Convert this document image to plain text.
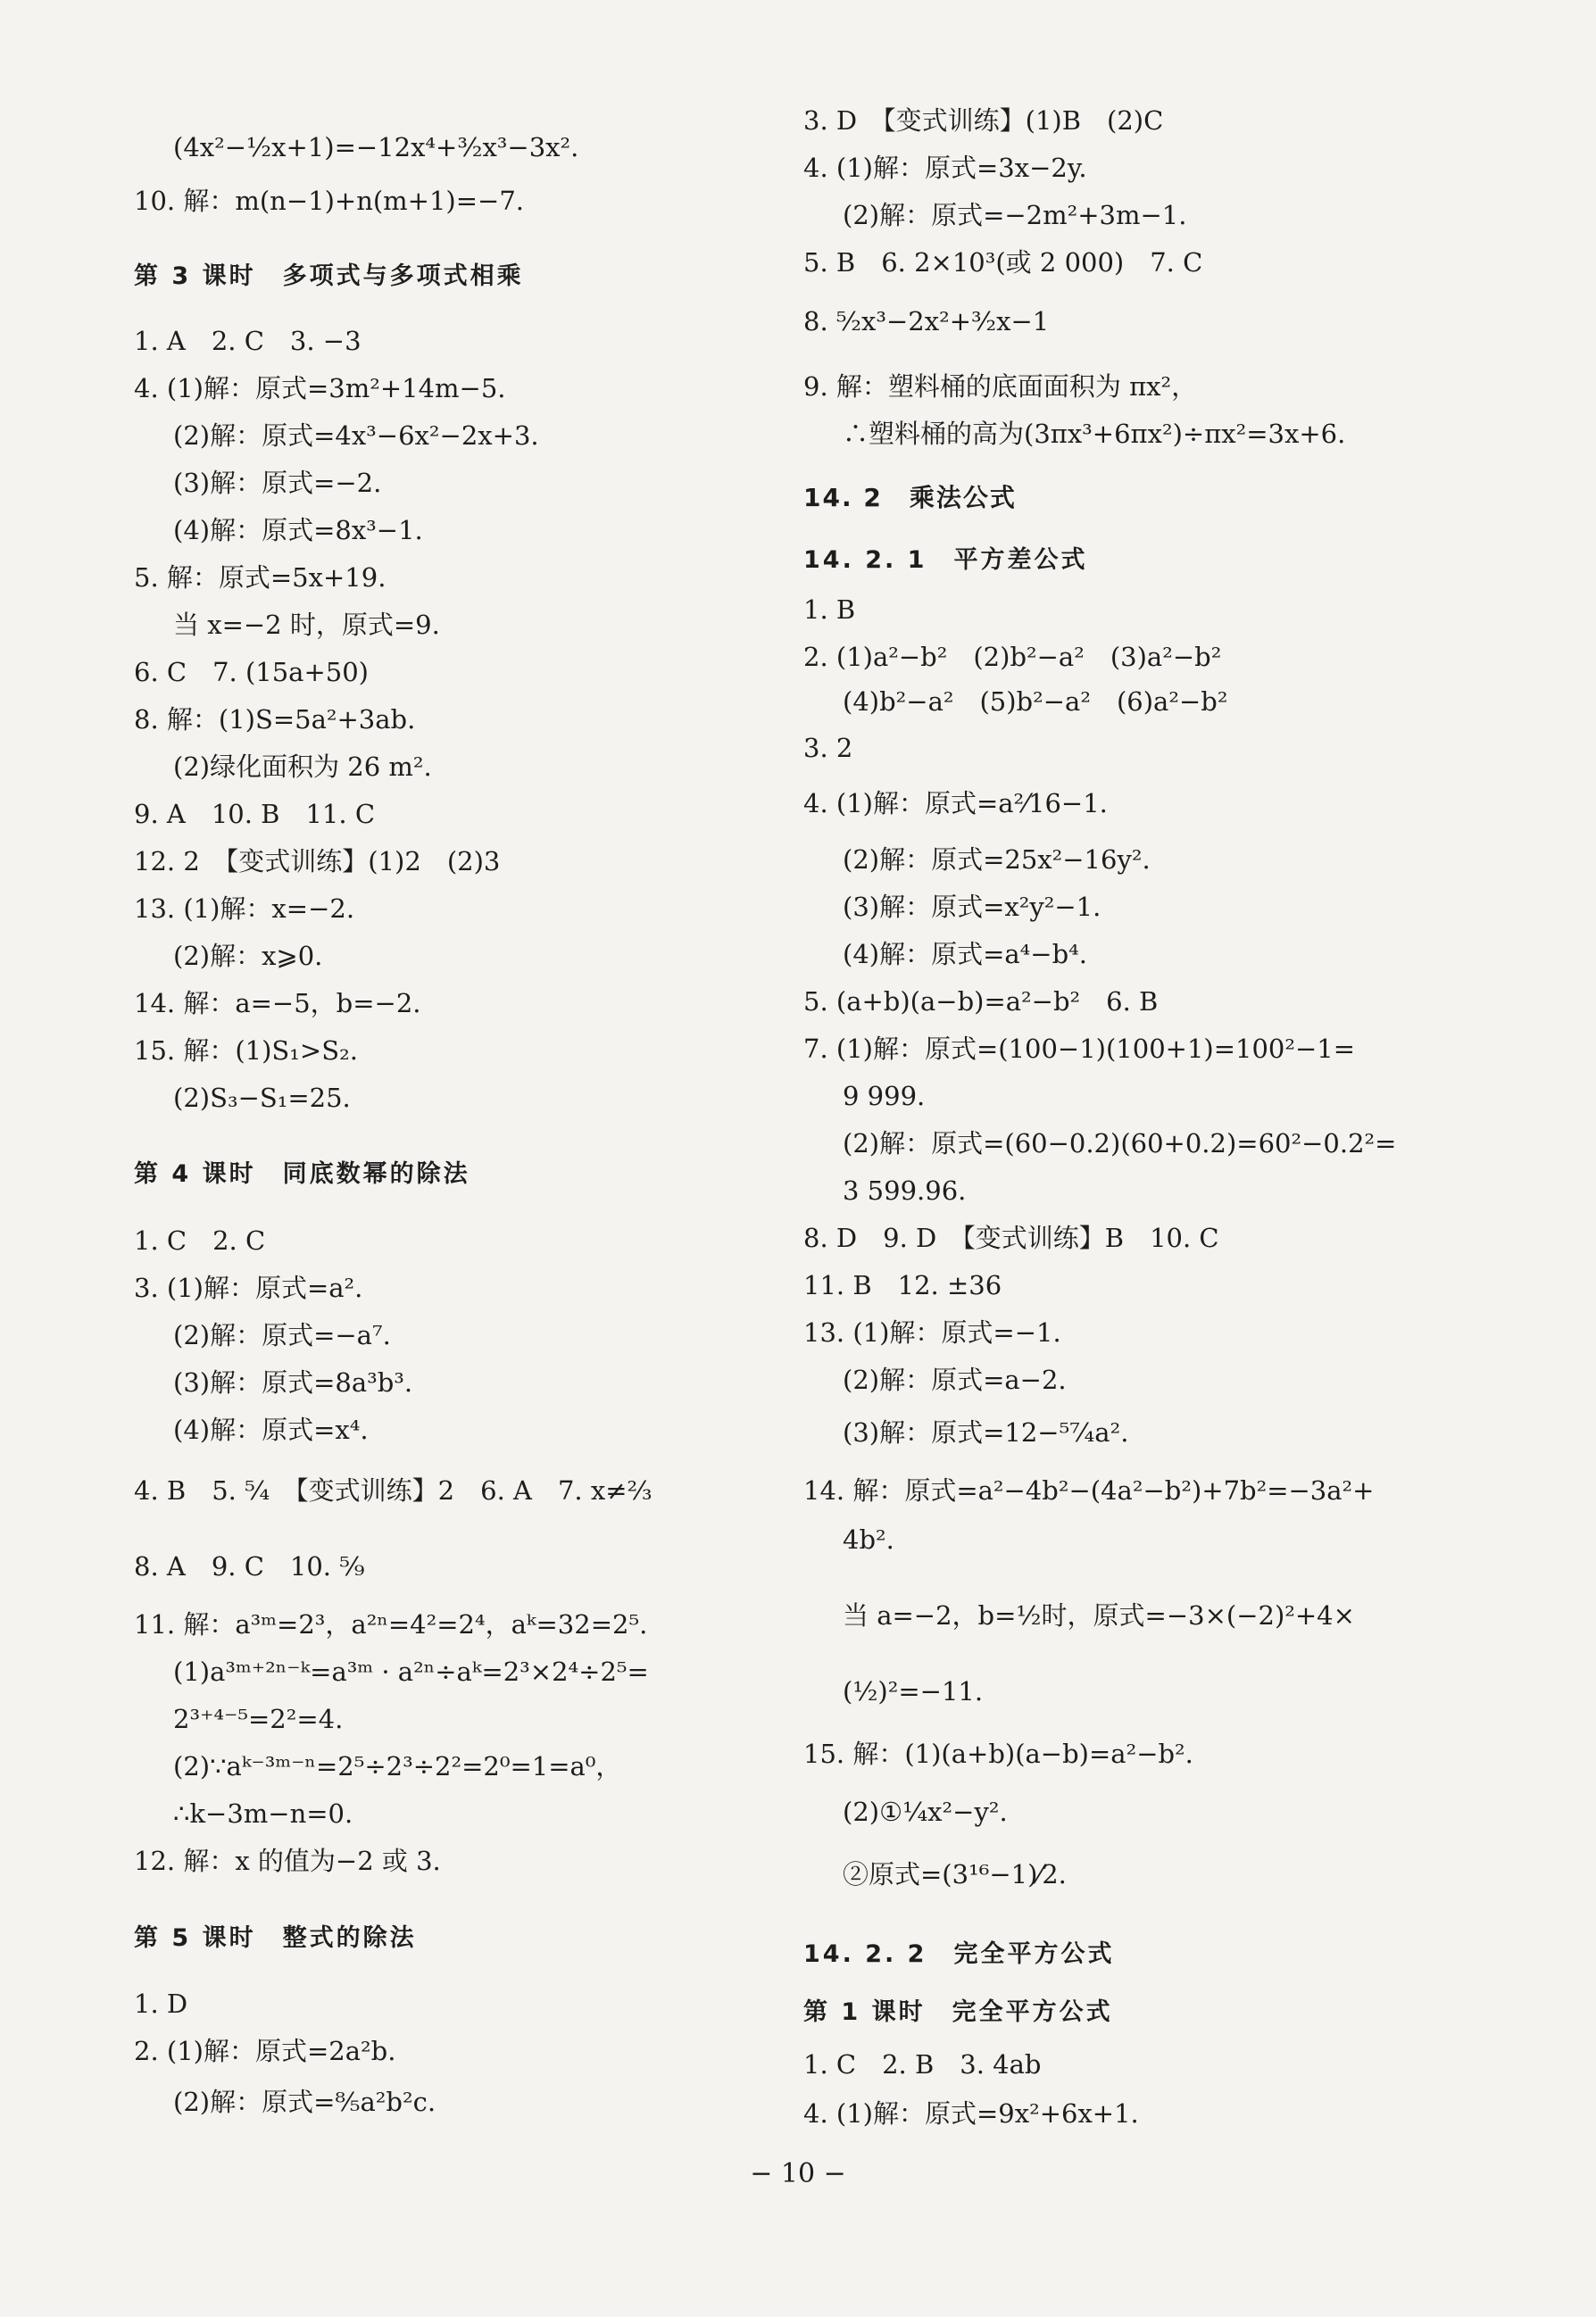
(4x²−½x+1)=−12x⁴+³⁄₂x³−3x².
10. 解：m(n−1)+n(m+1)=−7.
第 3 课时　多项式与多项式相乘
1. A　2. C　3. −3
4. (1)解：原式=3m²+14m−5.
(2)解：原式=4x³−6x²−2x+3.
(3)解：原式=−2.
(4)解：原式=8x³−1.
5. 解：原式=5x+19.
当 x=−2 时，原式=9.
6. C　7. (15a+50)
8. 解：(1)S=5a²+3ab.
(2)绿化面积为 26 m².
9. A　10. B　11. C
12. 2　【变式训练】(1)2　(2)3
13. (1)解：x=−2.
(2)解：x⩾0.
14. 解：a=−5，b=−2.
15. 解：(1)S₁>S₂.
(2)S₃−S₁=25.
第 4 课时　同底数幂的除法
1. C　2. C
3. (1)解：原式=a².
(2)解：原式=−a⁷.
(3)解：原式=8a³b³.
(4)解：原式=x⁴.
4. B　5. ⁵⁄₄　【变式训练】2　6. A　7. x≠²⁄₃
8. A　9. C　10. ⁵⁄₉
11. 解：a³ᵐ=2³，a²ⁿ=4²=2⁴，aᵏ=32=2⁵.
(1)a³ᵐ⁺²ⁿ⁻ᵏ=a³ᵐ · a²ⁿ÷aᵏ=2³×2⁴÷2⁵=
2³⁺⁴⁻⁵=2²=4.
(2)∵aᵏ⁻³ᵐ⁻ⁿ=2⁵÷2³÷2²=2⁰=1=a⁰，
∴k−3m−n=0.
12. 解：x 的值为−2 或 3.
第 5 课时　整式的除法
1. D
2. (1)解：原式=2a²b.
(2)解：原式=⁸⁄₅a²b²c.
3. D　【变式训练】(1)B　(2)C
4. (1)解：原式=3x−2y.
(2)解：原式=−2m²+3m−1.
5. B　6. 2×10³(或 2 000)　7. C
8. ⁵⁄₂x³−2x²+³⁄₂x−1
9. 解：塑料桶的底面面积为 πx²，
∴塑料桶的高为(3πx³+6πx²)÷πx²=3x+6.
14. 2　乘法公式
14. 2. 1　平方差公式
1. B
2. (1)a²−b²　(2)b²−a²　(3)a²−b²
(4)b²−a²　(5)b²−a²　(6)a²−b²
3. 2
4. (1)解：原式=a²⁄16−1.
(2)解：原式=25x²−16y².
(3)解：原式=x²y²−1.
(4)解：原式=a⁴−b⁴.
5. (a+b)(a−b)=a²−b²　6. B
7. (1)解：原式=(100−1)(100+1)=100²−1=
9 999.
(2)解：原式=(60−0.2)(60+0.2)=60²−0.2²=
3 599.96.
8. D　9. D　【变式训练】B　10. C
11. B　12. ±36
13. (1)解：原式=−1.
(2)解：原式=a−2.
(3)解：原式=12−⁵⁷⁄₄a².
14. 解：原式=a²−4b²−(4a²−b²)+7b²=−3a²+
4b².
当 a=−2，b=½时，原式=−3×(−2)²+4×
(½)²=−11.
15. 解：(1)(a+b)(a−b)=a²−b².
(2)①¼x²−y².
②原式=(3¹⁶−1)⁄2.
14. 2. 2　完全平方公式
第 1 课时　完全平方公式
1. C　2. B　3. 4ab
4. (1)解：原式=9x²+6x+1.
− 10 −
